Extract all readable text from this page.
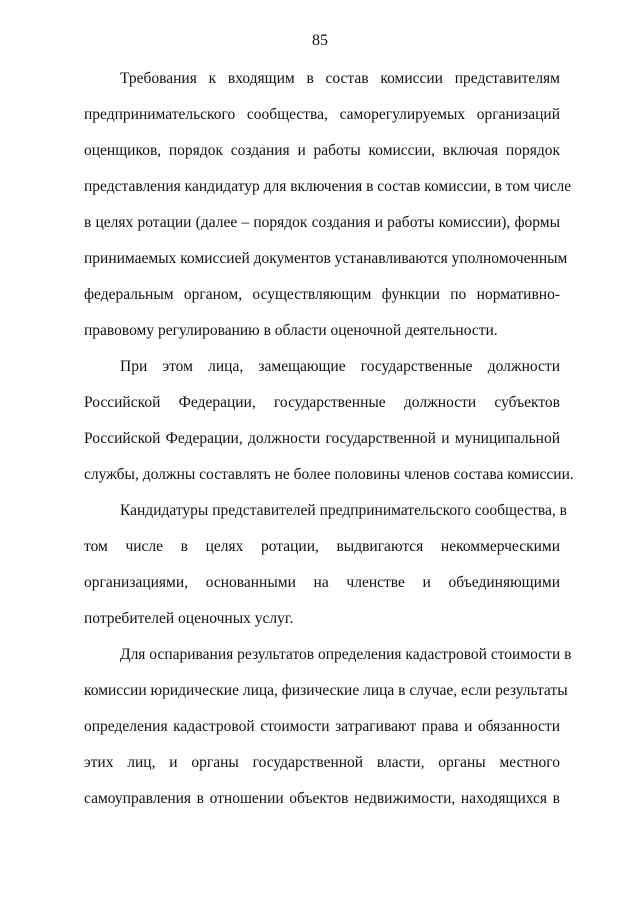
85
Требования к входящим в состав комиссии представителям
предпринимательского сообщества, саморегулируемых организаций
оценщиков, порядок создания и работы комиссии, включая порядок
представления кандидатур для включения в состав комиссии, в том числе
в целях ротации (далее – порядок создания и работы комиссии), формы
принимаемых комиссией документов устанавливаются уполномоченным
федеральным органом, осуществляющим функции по нормативно-
правовому регулированию в области оценочной деятельности.
При этом лица, замещающие государственные должности
Российской Федерации, государственные должности субъектов
Российской Федерации, должности государственной и муниципальной
службы, должны составлять не более половины членов состава комиссии.
Кандидатуры представителей предпринимательского сообщества, в
том числе в целях ротации, выдвигаются некоммерческими
организациями, основанными на членстве и объединяющими
потребителей оценочных услуг.
Для оспаривания результатов определения кадастровой стоимости в
комиссии юридические лица, физические лица в случае, если результаты
определения кадастровой стоимости затрагивают права и обязанности
этих лиц, и органы государственной власти, органы местного
самоуправления в отношении объектов недвижимости, находящихся в
